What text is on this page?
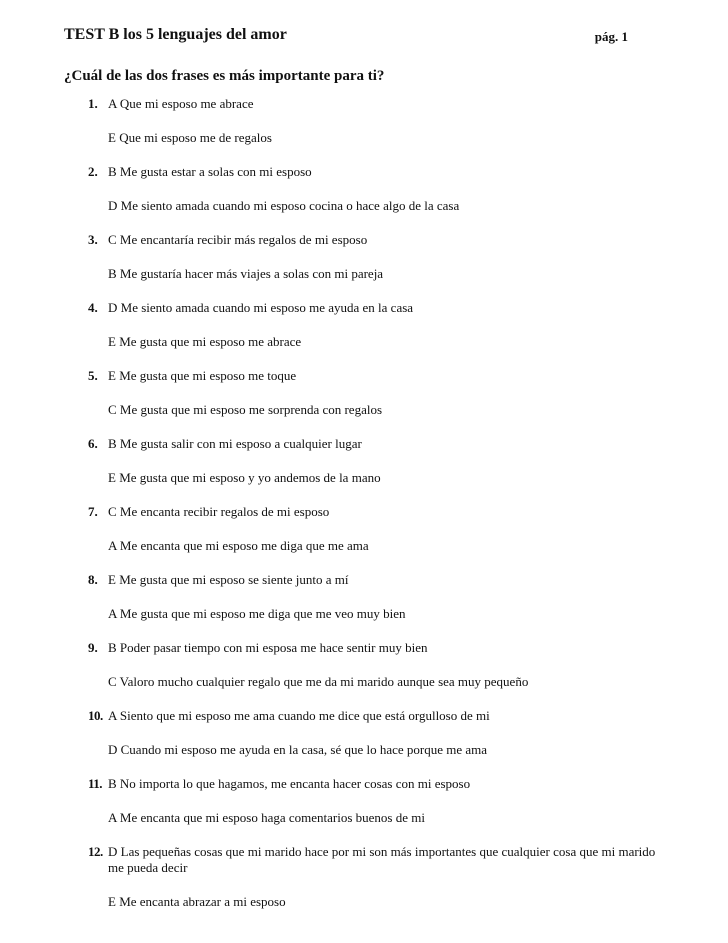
TEST B los 5 lenguajes del amor	pág. 1
¿Cuál de las dos frases es más importante para ti?
1. A Que mi esposo me abrace
E Que mi esposo me de regalos
2. B Me gusta estar a solas con mi esposo
D Me siento amada cuando mi esposo cocina o hace algo de la casa
3. C Me encantaría recibir más regalos de mi esposo
B Me gustaría hacer más viajes a solas con mi pareja
4. D Me siento amada cuando mi esposo me ayuda en la casa
E Me gusta que mi esposo me abrace
5. E Me gusta que mi esposo me toque
C Me gusta que mi esposo me sorprenda con regalos
6. B Me gusta salir con mi esposo a cualquier lugar
E Me gusta que mi esposo y yo andemos de la mano
7. C Me encanta recibir regalos de mi esposo
A Me encanta que mi esposo me diga que me ama
8. E Me gusta que mi esposo se siente junto a mí
A Me gusta que mi esposo me diga que me veo muy bien
9. B Poder pasar tiempo con mi esposa me hace sentir muy bien
C Valoro mucho cualquier regalo que me da mi marido aunque sea muy pequeño
10. A Siento que mi esposo me ama cuando me dice que está orgulloso de mi
D Cuando mi esposo me ayuda en la casa, sé que lo hace porque me ama
11. B No importa lo que hagamos, me encanta hacer cosas con mi esposo
A Me encanta que mi esposo haga comentarios buenos de mi
12. D Las pequeñas cosas que mi marido hace por mi son más importantes que cualquier cosa que mi marido me pueda decir
E Me encanta abrazar a mi esposo
